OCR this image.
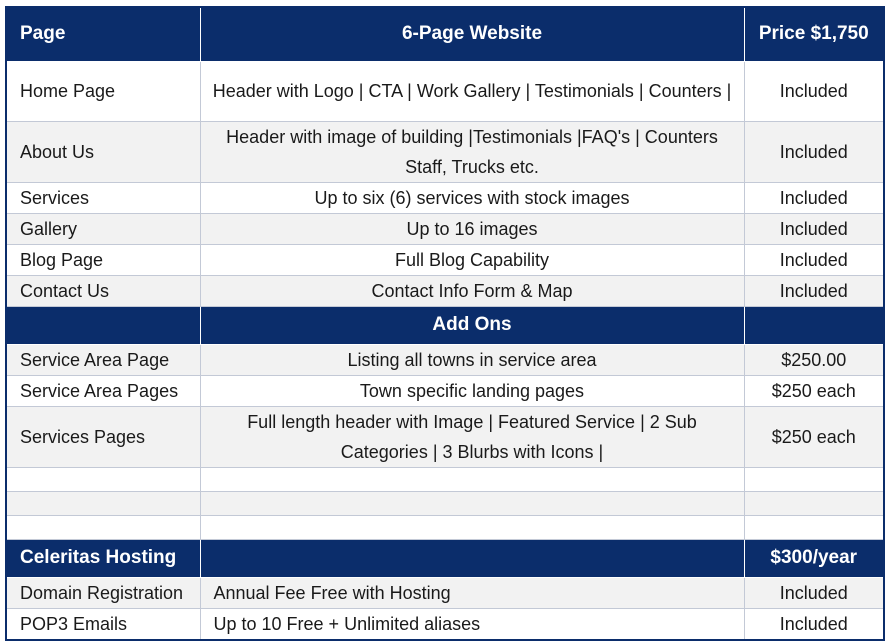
Page	6-Page Website	Price $1,750
Home Page	Header with Logo | CTA | Work Gallery | Testimonials | Counters |	Included
About Us	Header with image of building |Testimonials |FAQ's | Counters Staff, Trucks etc.	Included
Services	Up to six (6) services with stock images	Included
Gallery	Up to 16 images	Included
Blog Page	Full Blog Capability	Included
Contact Us	Contact Info Form & Map	Included
	Add Ons	
Service Area Page	Listing all towns in service area	$250.00
Service Area Pages	Town specific landing pages	$250 each
Services Pages	Full length header with Image | Featured Service | 2 Sub Categories | 3 Blurbs with Icons |	$250 each

Celeritas Hosting		$300/year
Domain Registration	Annual Fee Free with Hosting	Included
POP3 Emails	Up to 10 Free + Unlimited aliases	Included
